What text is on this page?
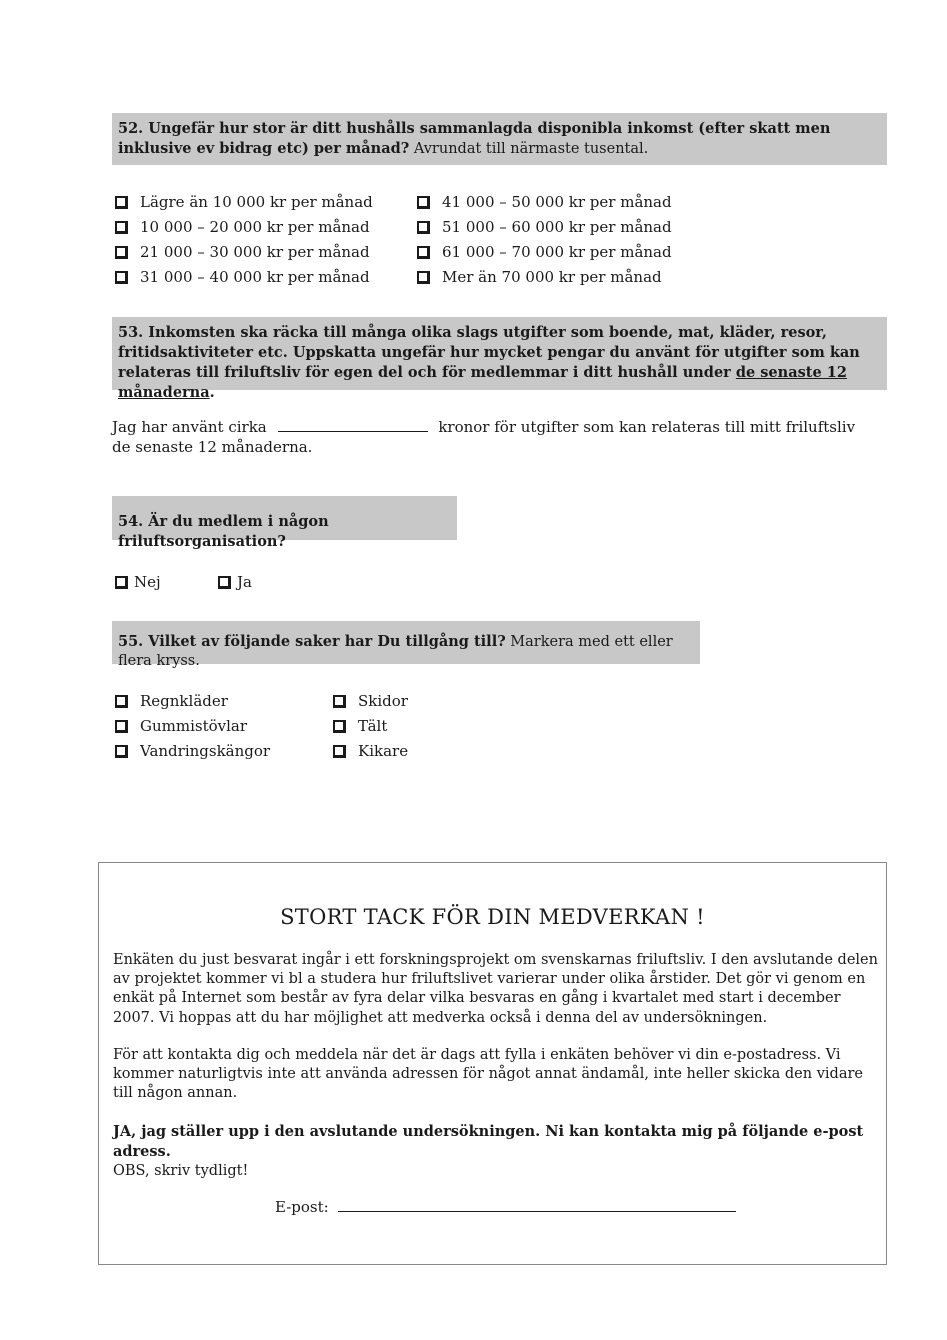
52. Ungefär hur stor är ditt hushålls sammanlagda disponibla inkomst (efter skatt men inklusive ev bidrag etc) per månad? Avrundat till närmaste tusental.
Lägre än 10 000 kr per månad
10 000 – 20 000 kr per månad
21 000 – 30 000 kr per månad
31 000 – 40 000 kr per månad
41 000 – 50 000 kr per månad
51 000 – 60 000 kr per månad
61 000 – 70 000 kr per månad
Mer än 70 000 kr per månad
53. Inkomsten ska räcka till många olika slags utgifter som boende, mat, kläder, resor, fritidsaktiviteter etc. Uppskatta ungefär hur mycket pengar du använt för utgifter som kan relateras till friluftsliv för egen del och för medlemmar i ditt hushåll under de senaste 12 månaderna.
Jag har använt cirka	kronor för utgifter som kan relateras till mitt friluftsliv
de senaste 12 månaderna.
54. Är du medlem i någon friluftsorganisation?
Nej	Ja
55. Vilket av följande saker har Du tillgång till? Markera med ett eller flera kryss.
Regnkläder
Gummistövlar
Vandringskängor
Skidor
Tält
Kikare
STORT TACK FÖR DIN MEDVERKAN !
Enkäten du just besvarat ingår i ett forskningsprojekt om svenskarnas friluftsliv. I den avslutande delen av projektet kommer vi bl a studera hur friluftslivet varierar under olika årstider. Det gör vi genom en enkät på Internet som består av fyra delar vilka besvaras en gång i kvartalet med start i december 2007. Vi hoppas att du har möjlighet att medverka också i denna del av undersökningen.
För att kontakta dig och meddela när det är dags att fylla i enkäten behöver vi din e-postadress. Vi kommer naturligtvis inte att använda adressen för något annat ändamål, inte heller skicka den vidare till någon annan.
JA, jag ställer upp i den avslutande undersökningen. Ni kan kontakta mig på följande e-post adress.
OBS, skriv tydligt!
E-post:
